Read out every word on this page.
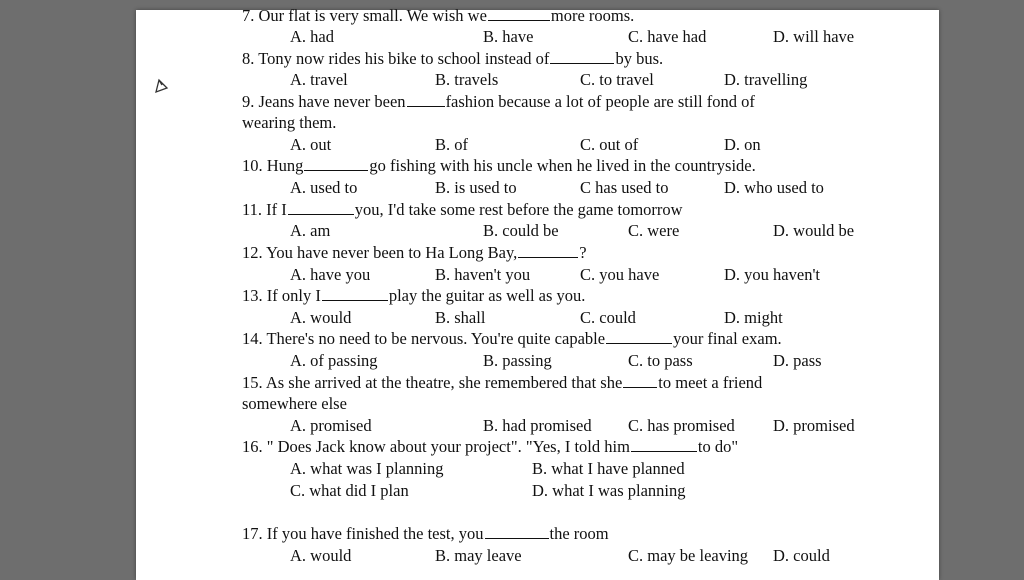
7. Our flat is very small. We wish we	more rooms.
A. had	B. have	C. have had	D. will have
8. Tony now rides his bike to school instead of	by bus.
A. travel	B. travels	C. to travel	D. travelling
9. Jeans have never been fashion because a lot of people are still fond of
wearing them.
A. out	B. of	C. out of	D. on
10. Hung	go fishing with his uncle when he lived in the countryside.
A. used to	B. is used to	C has used to	D. who used to
11. If I	you, I'd take some rest before the game tomorrow
A. am	B. could be	C. were	D. would be
12. You have never been to Ha Long Bay,	?
A. have you	B. haven't you	C. you have	D. you haven't
13. If only I	play the guitar as well as you.
A. would	B. shall	C. could	D. might
14. There's no need to be nervous. You're quite capable	your final exam.
A. of passing	B. passing	C. to pass	D. pass
15. As she arrived at the theatre, she remembered that she to meet a friend
somewhere else
A. promised	B. had promised C. has promised D. promised
16. " Does Jack know about your project". "Yes, I told him	to do"
A. what was I planning	B. what I have planned
C. what did I plan	D. what I was planning
17. If you have finished the test, you	the room
A. would	B. may leave	C. may be leaving D. could
